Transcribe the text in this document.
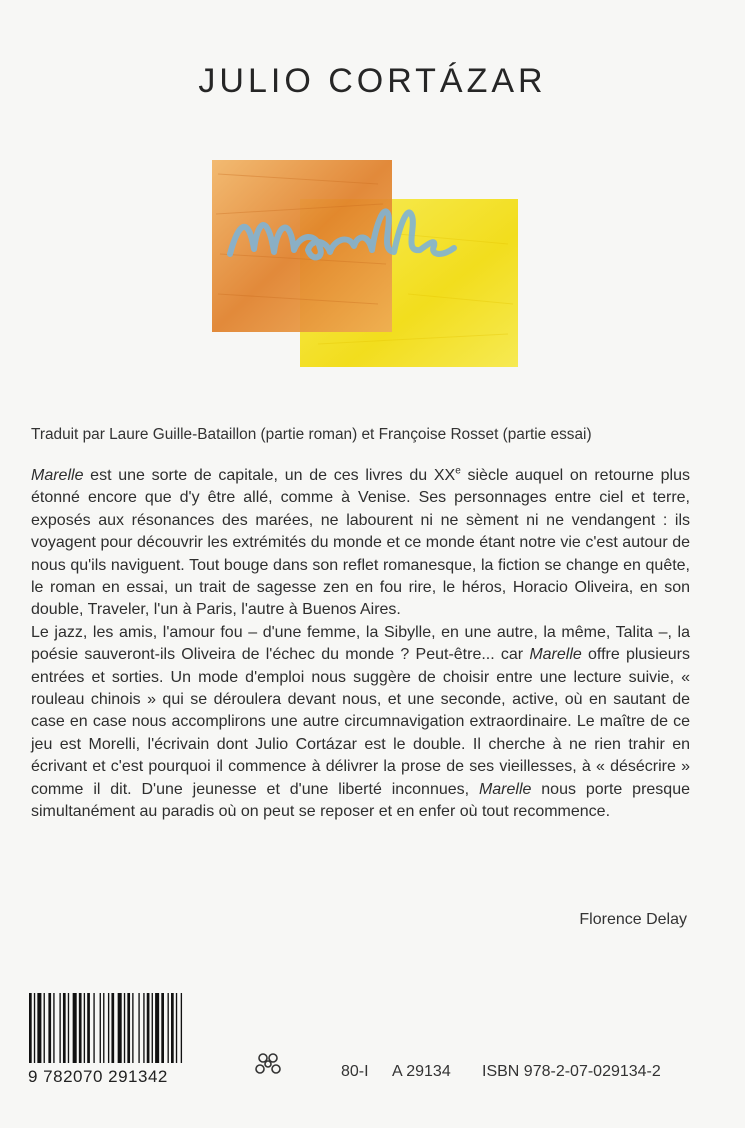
JULIO CORTÁZAR
Traduit par Laure Guille-Bataillon (partie roman) et Françoise Rosset (partie essai)

Marelle est une sorte de capitale, un de ces livres du XXe siècle auquel on retourne plus étonné encore que d'y être allé, comme à Venise. Ses personnages entre ciel et terre, exposés aux résonances des marées, ne labourent ni ne sèment ni ne vendangent : ils voyagent pour découvrir les extrémités du monde et ce monde étant notre vie c'est autour de nous qu'ils naviguent. Tout bouge dans son reflet romanesque, la fiction se change en quête, le roman en essai, un trait de sagesse zen en fou rire, le héros, Horacio Oliveira, en son double, Traveler, l'un à Paris, l'autre à Buenos Aires.

Le jazz, les amis, l'amour fou – d'une femme, la Sibylle, en une autre, la même, Talita –, la poésie sauveront-ils Oliveira de l'échec du monde ? Peut-être... car Marelle offre plusieurs entrées et sorties. Un mode d'emploi nous suggère de choisir entre une lecture suivie, « rouleau chinois » qui se déroulera devant nous, et une seconde, active, où en sautant de case en case nous accomplirons une autre circumnavigation extraordinaire. Le maître de ce jeu est Morelli, l'écrivain dont Julio Cortázar est le double. Il cherche à ne rien trahir en écrivant et c'est pourquoi il commence à délivrer la prose de ses vieillesses, à « désécrire » comme il dit. D'une jeunesse et d'une liberté inconnues, Marelle nous porte presque simultanément au paradis où on peut se reposer et en enfer où tout recommence.

Florence Delay
9 782070 291342	80-I A 29134 ISBN 978-2-07-029134-2
